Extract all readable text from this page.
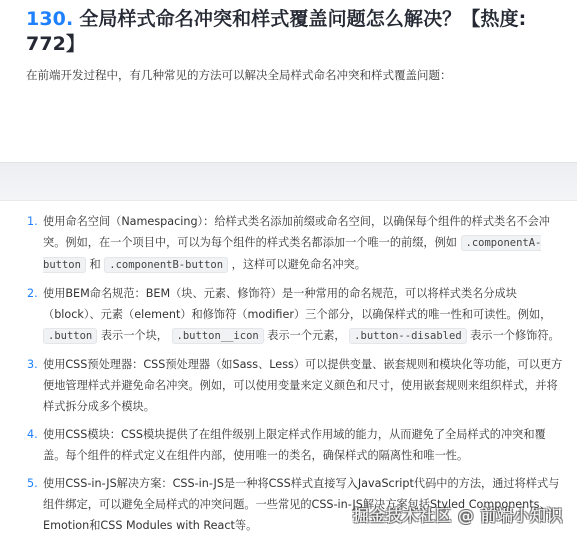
130. 全局样式命名冲突和样式覆盖问题怎么解决？【热度: 772】

在前端开发过程中，有几种常见的方法可以解决全局样式命名冲突和样式覆盖问题：

1. 使用命名空间（Namespacing）：给样式类名添加前缀或命名空间，以确保每个组件的样式类名不会冲突。例如，在一个项目中，可以为每个组件的样式类名都添加一个唯一的前缀，例如 .componentA-button 和 .componentB-button ，这样可以避免命名冲突。
2. 使用BEM命名规范：BEM（块、元素、修饰符）是一种常用的命名规范，可以将样式类名分成块（block）、元素（element）和修饰符（modifier）三个部分，以确保样式的唯一性和可读性。例如， .button 表示一个块， .button__icon 表示一个元素， .button--disabled 表示一个修饰符。
3. 使用CSS预处理器：CSS预处理器（如Sass、Less）可以提供变量、嵌套规则和模块化等功能，可以更方便地管理样式并避免命名冲突。例如，可以使用变量来定义颜色和尺寸，使用嵌套规则来组织样式，并将样式拆分成多个模块。
4. 使用CSS模块：CSS模块提供了在组件级别上限定样式作用域的能力，从而避免了全局样式的冲突和覆盖。每个组件的样式定义在组件内部，使用唯一的类名，确保样式的隔离性和唯一性。
5. 使用CSS-in-JS解决方案：CSS-in-JS是一种将CSS样式直接写入JavaScript代码中的方法，通过将样式与组件绑定，可以避免全局样式的冲突问题。一些常见的CSS-in-JS解决方案包括Styled Components、Emotion和CSS Modules with React等。
掘金技术社区 @ 前端小知识
